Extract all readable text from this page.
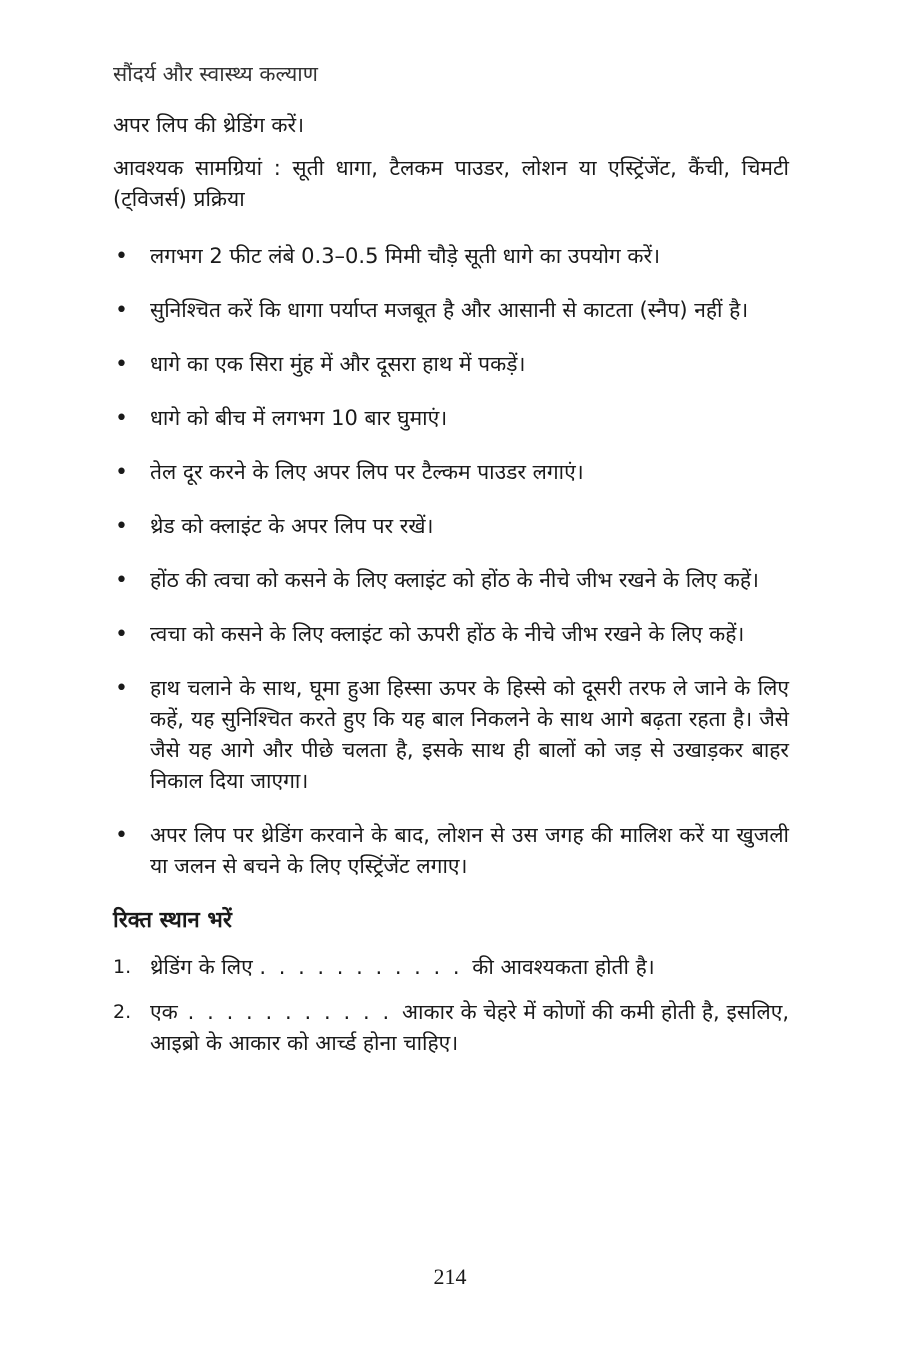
सौंदर्य और स्वास्थ्य कल्याण

अपर लिप की थ्रेडिंग करें।

आवश्यक सामग्रियां : सूती धागा, टैलकम पाउडर, लोशन या एस्ट्रिंजेंट, कैंची, चिमटी (ट्विजर्स) प्रक्रिया

• लगभग 2 फीट लंबे 0.3–0.5 मिमी चौड़े सूती धागे का उपयोग करें।
• सुनिश्चित करें कि धागा पर्याप्त मजबूत है और आसानी से काटता (स्नैप) नहीं है।
• धागे का एक सिरा मुंह में और दूसरा हाथ में पकड़ें।
• धागे को बीच में लगभग 10 बार घुमाएं।
• तेल दूर करने के लिए अपर लिप पर टैल्कम पाउडर लगाएं।
• थ्रेड को क्लाइंट के अपर लिप पर रखें।
• होंठ की त्वचा को कसने के लिए क्लाइंट को होंठ के नीचे जीभ रखने के लिए कहें।
• त्वचा को कसने के लिए क्लाइंट को ऊपरी होंठ के नीचे जीभ रखने के लिए कहें।
• हाथ चलाने के साथ, घूमा हुआ हिस्सा ऊपर के हिस्से को दूसरी तरफ ले जाने के लिए कहें, यह सुनिश्चित करते हुए कि यह बाल निकलने के साथ आगे बढ़ता रहता है। जैसे जैसे यह आगे और पीछे चलता है, इसके साथ ही बालों को जड़ से उखाड़कर बाहर निकाल दिया जाएगा।
• अपर लिप पर थ्रेडिंग करवाने के बाद, लोशन से उस जगह की मालिश करें या खुजली या जलन से बचने के लिए एस्ट्रिंजेंट लगाए।
रिक्त स्थान भरें
1. थ्रेडिंग के लिए . . . . . . . . . . . की आवश्यकता होती है।
2. एक . . . . . . . . . . . आकार के चेहरे में कोणों की कमी होती है, इसलिए, आइब्रो के आकार को आर्च्ड होना चाहिए।
214
